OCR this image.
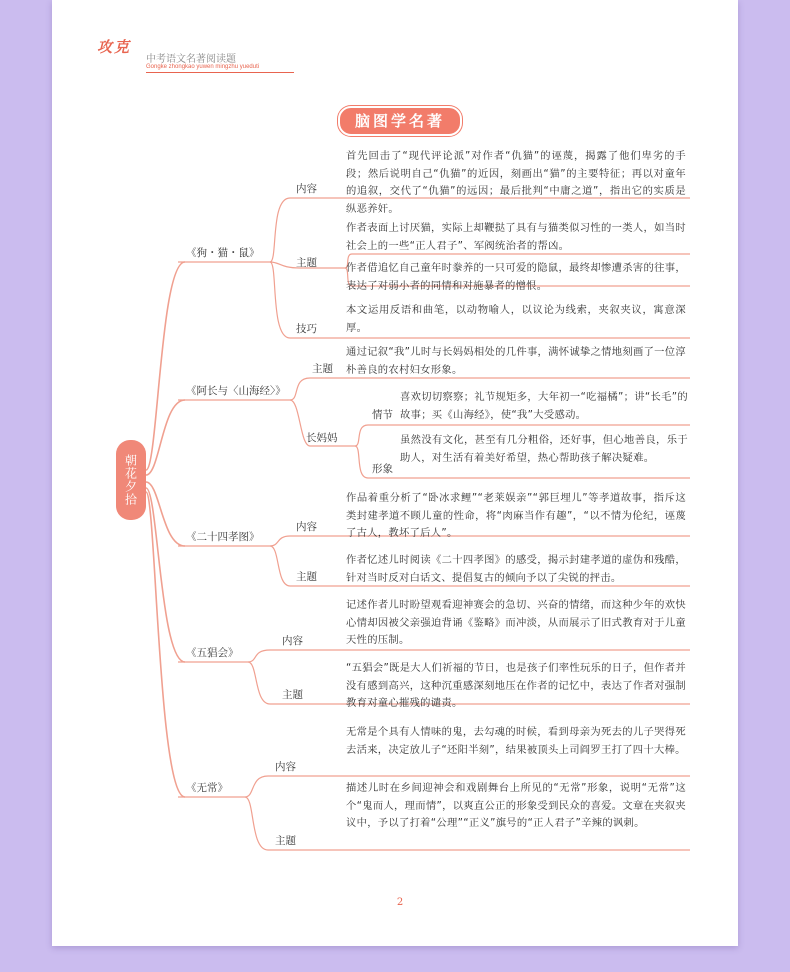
攻克
中考语文名著阅读题
Gongke zhongkao yuwen mingzhu yueduti
脑图学名著
朝花夕拾
《狗・猫・鼠》
内容
首先回击了“现代评论派”对作者“仇猫”的诬蔑，揭露了他们卑劣的手段；然后说明自己“仇猫”的近因，刻画出“猫”的主要特征；再以对童年的追叙，交代了“仇猫”的远因；最后批判“中庸之道”，指出它的实质是纵恶养奸。
主题
作者表面上讨厌猫，实际上却鞭挞了具有与猫类似习性的一类人，如当时社会上的一些“正人君子”、军阀统治者的帮凶。
作者借追忆自己童年时豢养的一只可爱的隐鼠，最终却惨遭杀害的往事，表达了对弱小者的同情和对施暴者的憎恨。
技巧
本文运用反语和曲笔，以动物喻人，以议论为线索，夹叙夹议，寓意深厚。
《阿长与〈山海经〉》
主题
通过记叙“我”儿时与长妈妈相处的几件事，满怀诚挚之情地刻画了一位淳朴善良的农村妇女形象。
长妈妈
情节
喜欢切切察察；礼节规矩多，大年初一“吃福橘”；讲“长毛”的故事；买《山海经》，使“我”大受感动。
形象
虽然没有文化，甚至有几分粗俗，还好事，但心地善良，乐于助人，对生活有着美好希望，热心帮助孩子解决疑难。
《二十四孝图》
内容
作品着重分析了“卧冰求鲤”“老莱娱亲”“郭巨埋儿”等孝道故事，指斥这类封建孝道不顾儿童的性命，将“肉麻当作有趣”，“以不情为伦纪，诬蔑了古人，教坏了后人”。
主题
作者忆述儿时阅读《二十四孝图》的感受，揭示封建孝道的虚伪和残酷，针对当时反对白话文、提倡复古的倾向予以了尖锐的抨击。
《五猖会》
内容
记述作者儿时盼望观看迎神赛会的急切、兴奋的情绪，而这种少年的欢快心情却因被父亲强迫背诵《鉴略》而冲淡，从而展示了旧式教育对于儿童天性的压制。
主题
“五猖会”既是大人们祈福的节日，也是孩子们率性玩乐的日子，但作者并没有感到高兴，这种沉重感深刻地压在作者的记忆中，表达了作者对强制教育对童心摧残的谴责。
《无常》
内容
无常是个具有人情味的鬼，去勾魂的时候，看到母亲为死去的儿子哭得死去活来，决定放儿子“还阳半刻”，结果被顶头上司阎罗王打了四十大棒。
主题
描述儿时在乡间迎神会和戏剧舞台上所见的“无常”形象，说明“无常”这个“鬼而人，理而情”，以爽直公正的形象受到民众的喜爱。文章在夹叙夹议中，予以了打着“公理”“正义”旗号的“正人君子”辛辣的讽刺。
2
